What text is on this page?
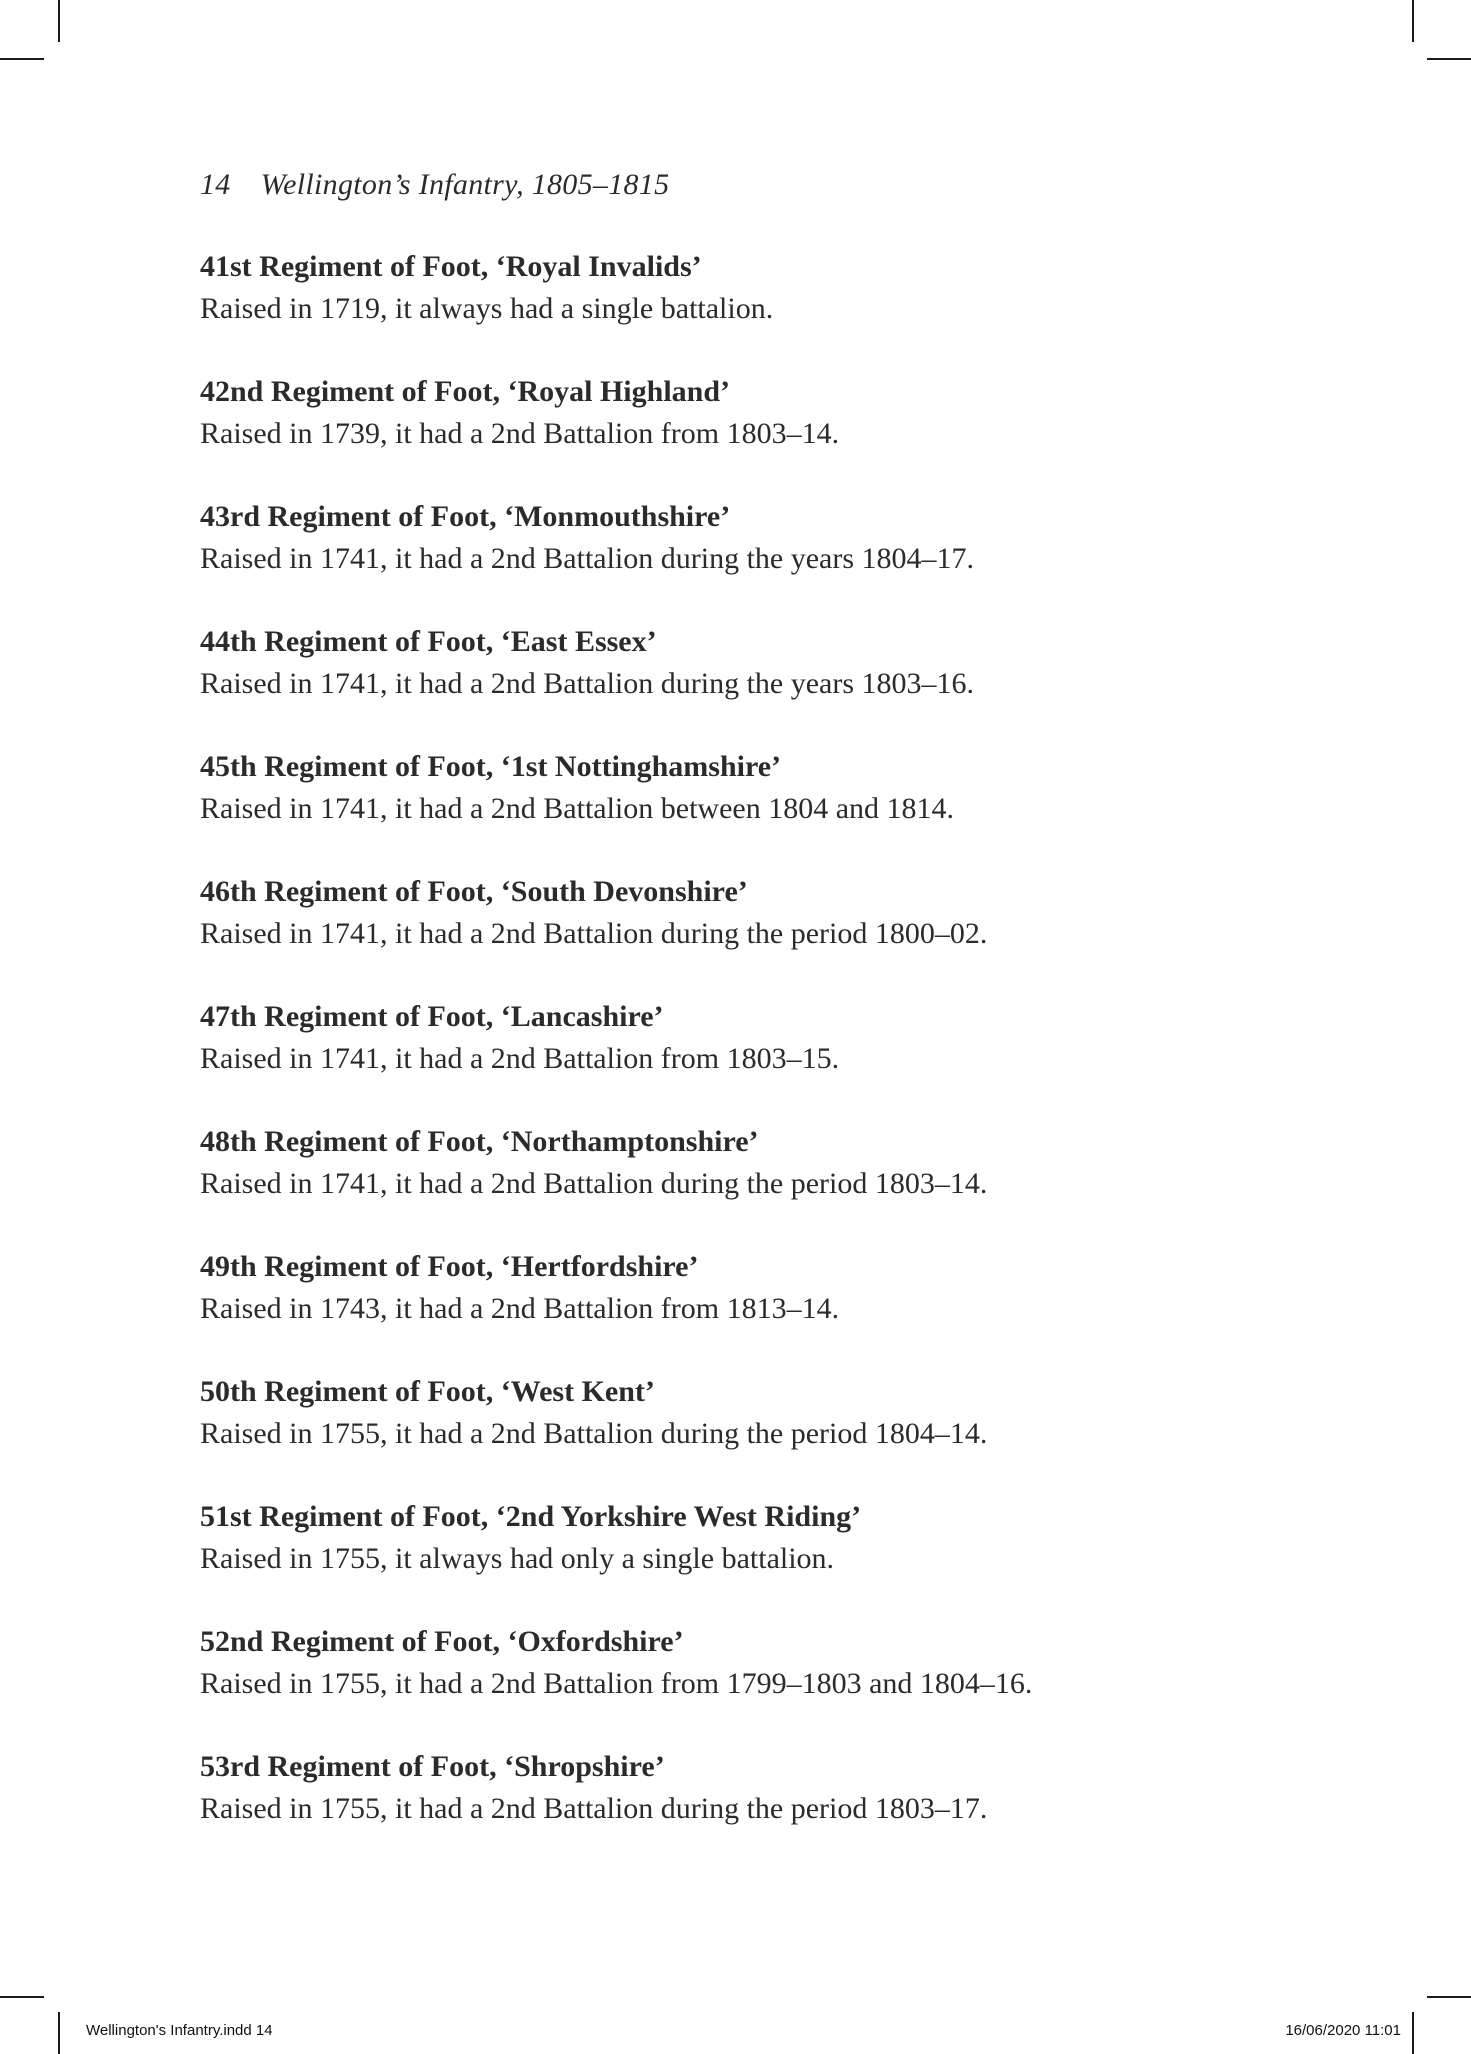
14 Wellington’s Infantry, 1805–1815
41st Regiment of Foot, ‘Royal Invalids’
Raised in 1719, it always had a single battalion.
42nd Regiment of Foot, ‘Royal Highland’
Raised in 1739, it had a 2nd Battalion from 1803–14.
43rd Regiment of Foot, ‘Monmouthshire’
Raised in 1741, it had a 2nd Battalion during the years 1804–17.
44th Regiment of Foot, ‘East Essex’
Raised in 1741, it had a 2nd Battalion during the years 1803–16.
45th Regiment of Foot, ‘1st Nottinghamshire’
Raised in 1741, it had a 2nd Battalion between 1804 and 1814.
46th Regiment of Foot, ‘South Devonshire’
Raised in 1741, it had a 2nd Battalion during the period 1800–02.
47th Regiment of Foot, ‘Lancashire’
Raised in 1741, it had a 2nd Battalion from 1803–15.
48th Regiment of Foot, ‘Northamptonshire’
Raised in 1741, it had a 2nd Battalion during the period 1803–14.
49th Regiment of Foot, ‘Hertfordshire’
Raised in 1743, it had a 2nd Battalion from 1813–14.
50th Regiment of Foot, ‘West Kent’
Raised in 1755, it had a 2nd Battalion during the period 1804–14.
51st Regiment of Foot, ‘2nd Yorkshire West Riding’
Raised in 1755, it always had only a single battalion.
52nd Regiment of Foot, ‘Oxfordshire’
Raised in 1755, it had a 2nd Battalion from 1799–1803 and 1804–16.
53rd Regiment of Foot, ‘Shropshire’
Raised in 1755, it had a 2nd Battalion during the period 1803–17.
Wellington's Infantry.indd 14	16/06/2020 11:01
